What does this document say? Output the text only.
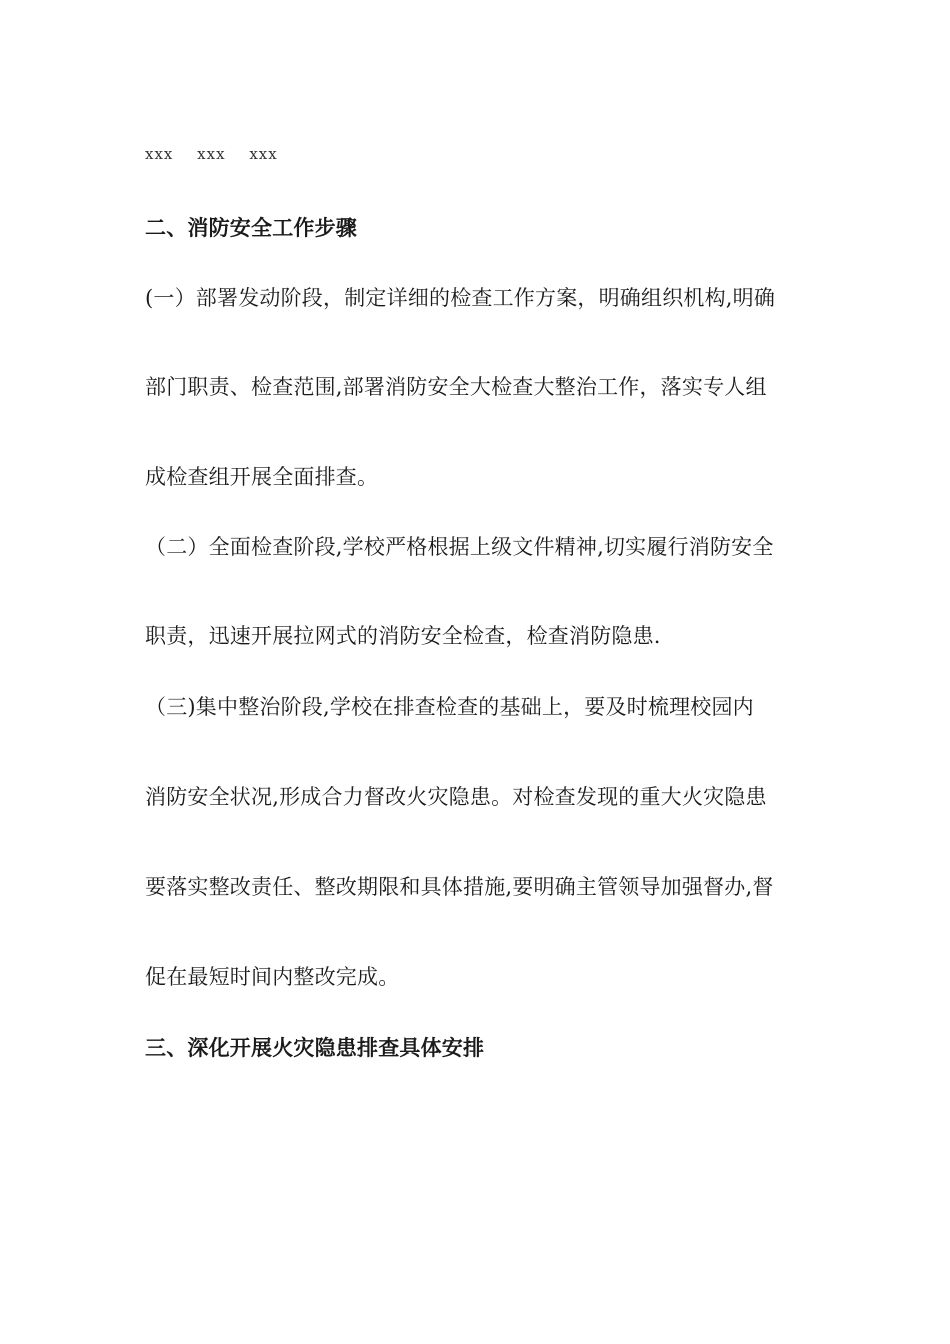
xxx xxx xxx
二、消防安全工作步骤
(一）部署发动阶段，制定详细的检查工作方案，明确组织机构,明确
部门职责、检查范围,部署消防安全大检查大整治工作，落实专人组
成检查组开展全面排查。
（二）全面检查阶段,学校严格根据上级文件精神,切实履行消防安全
职责，迅速开展拉网式的消防安全检查，检查消防隐患.
（三)集中整治阶段,学校在排查检查的基础上，要及时梳理校园内
消防安全状况,形成合力督改火灾隐患。对检查发现的重大火灾隐患
要落实整改责任、整改期限和具体措施,要明确主管领导加强督办,督
促在最短时间内整改完成。
三、深化开展火灾隐患排查具体安排
